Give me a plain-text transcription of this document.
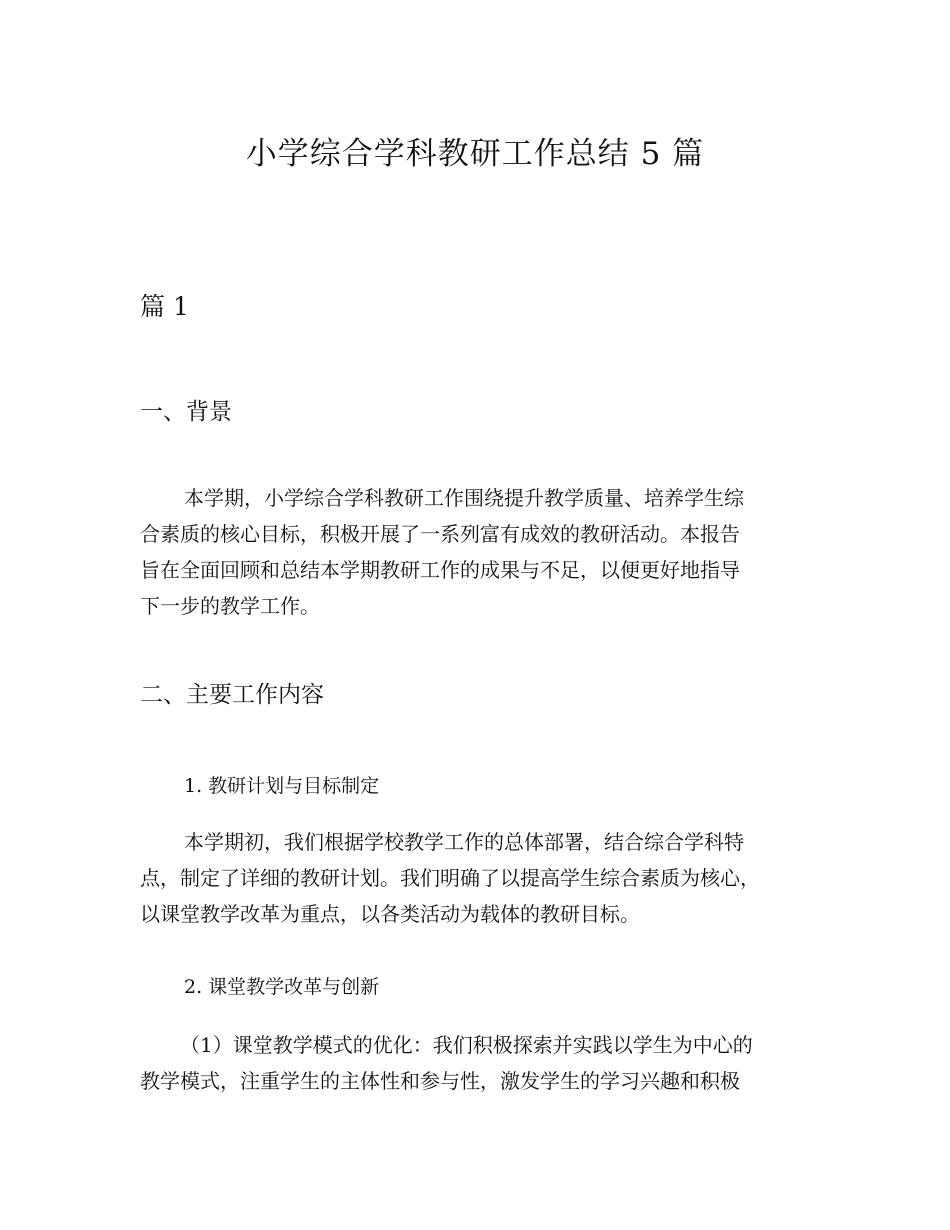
小学综合学科教研工作总结 5 篇
篇 1
一、背景

本学期，小学综合学科教研工作围绕提升教学质量、培养学生综
合素质的核心目标，积极开展了一系列富有成效的教研活动。本报告
旨在全面回顾和总结本学期教研工作的成果与不足，以便更好地指导
下一步的教学工作。

二、主要工作内容
1. 教研计划与目标制定

本学期初，我们根据学校教学工作的总体部署，结合综合学科特
点，制定了详细的教研计划。我们明确了以提高学生综合素质为核心，
以课堂教学改革为重点，以各类活动为载体的教研目标。

2. 课堂教学改革与创新

（1）课堂教学模式的优化：我们积极探索并实践以学生为中心的
教学模式，注重学生的主体性和参与性，激发学生的学习兴趣和积极
